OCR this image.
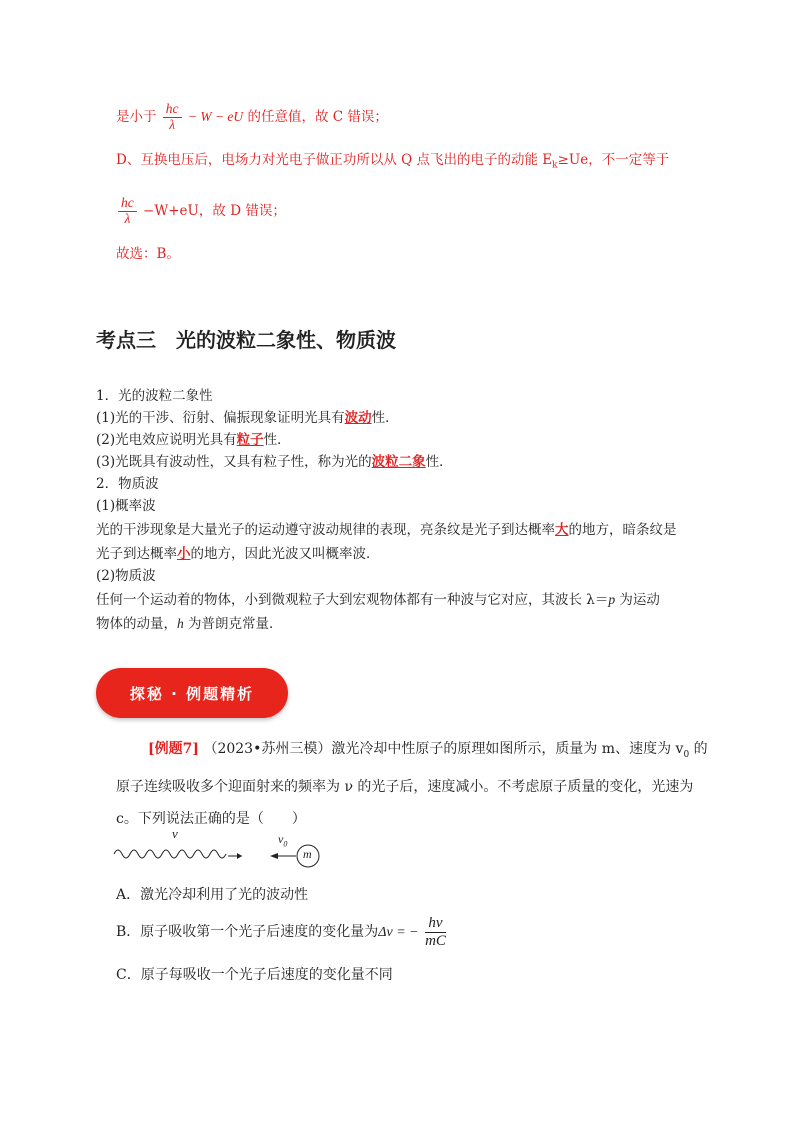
是小于 $\frac{hc}{\lambda} - W$ − eU 的任意值，故 C 错误；
D、互换电压后，电场力对光电子做正功所以从 Q 点飞出的电子的动能 $E_k\ge Ue$，不一定等于
$\frac{hc}{\lambda} -W+eU$，故 D 错误；
故选：B。
考点三　光的波粒二象性、物质波
1．光的波粒二象性
(1)光的干涉、衍射、偏振现象证明光具有波动性．
(2)光电效应说明光具有粒子性．
(3)光既具有波动性，又具有粒子性，称为光的波粒二象性．
2．物质波
(1)概率波
光的干涉现象是大量光子的运动遵守波动规律的表现，亮条纹是光子到达概率大的地方，暗条纹是
光子到达概率小的地方，因此光波又叫概率波．
(2)物质波
任何一个运动着的物体，小到微观粒子大到宏观物体都有一种波与它对应，其波长 λ＝p 为运动
物体的动量，h 为普朗克常量．
探秘 · 例题精析
[例题7] （2023•苏州三模）激光冷却中性原子的原理如图所示，质量为 m、速度为 $v_0$ 的
原子连续吸收多个迎面射来的频率为 ν 的光子后，速度减小。不考虑原子质量的变化，光速为
c。下列说法正确的是（　　）
ν	$v_0$
m
A．激光冷却利用了光的波动性
B．原子吸收第一个光子后速度的变化量为Δv = − $\frac{h\nu}{mC}$
C．原子每吸收一个光子后速度的变化量不同
